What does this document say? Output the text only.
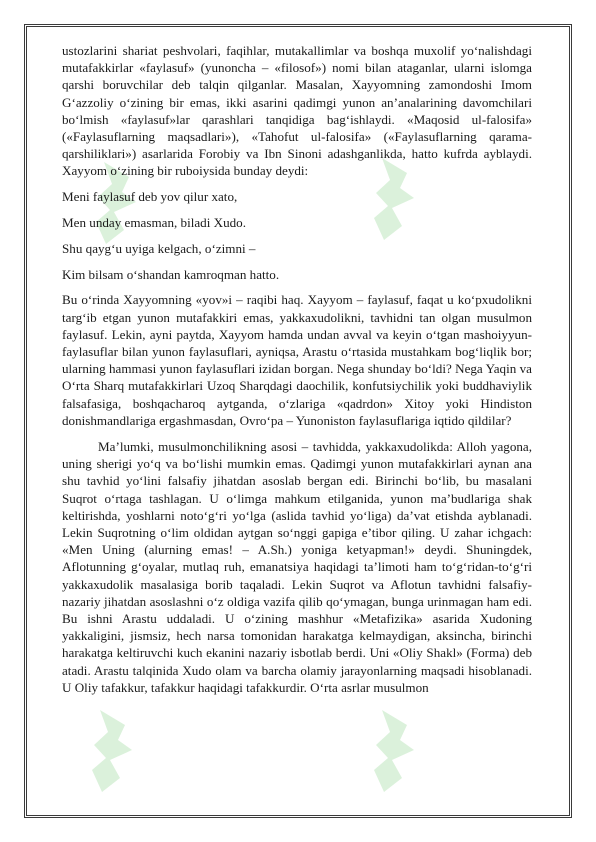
ustozlarini shariat peshvolari, faqihlar, mutakallimlar va boshqa muxolif yo‘nalishdagi mutafakkirlar «faylasuf» (yunoncha – «filosof») nomi bilan ataganlar, ularni islomga qarshi boruvchilar deb talqin qilganlar. Masalan, Xayyomning zamondoshi Imom G‘azzoliy o‘zining bir emas, ikki asarini qadimgi yunon an’analarining davomchilari bo‘lmish «faylasuf»lar qarashlari tanqidiga bag‘ishlaydi. «Maqosid ul-falosifa» («Faylasuflarning maqsadlari»), «Tahofut ul-falosifa» («Faylasuflarning qarama-qarshiliklari») asarlarida Forobiy va Ibn Sinoni adashganlikda, hatto kufrda ayblaydi. Xayyom o‘zining bir ruboiysida bunday deydi:

Meni faylasuf deb yov qilur xato,

Men unday emasman, biladi Xudo.

Shu qayg‘u uyiga kelgach, o‘zimni –

Kim bilsam o‘shandan kamroqman hatto.

Bu o‘rinda Xayyomning «yov»i – raqibi haq. Xayyom – faylasuf, faqat u ko‘pxudolikni targ‘ib etgan yunon mutafakkiri emas, yakkaxudolikni, tavhidni tan olgan musulmon faylasuf. Lekin, ayni paytda, Xayyom hamda undan avval va keyin o‘tgan mashoiyyun-faylasuflar bilan yunon faylasuflari, ayniqsa, Arastu o‘rtasida mustahkam bog‘liqlik bor; ularning hammasi yunon faylasuflari izidan borgan. Nega shunday bo‘ldi? Nega Yaqin va O‘rta Sharq mutafakkirlari Uzoq Sharqdagi daochilik, konfutsiychilik yoki buddhaviylik falsafasiga, boshqacharoq aytganda, o‘zlariga «qadrdon» Xitoy yoki Hindiston donishmandlariga ergashmasdan, Ovro‘pa – Yunoniston faylasuflariga iqtido qildilar?

Ma’lumki, musulmonchilikning asosi – tavhidda, yakkaxudolikda: Alloh yagona, uning sherigi yo‘q va bo‘lishi mumkin emas. Qadimgi yunon mutafakkirlari aynan ana shu tavhid yo‘lini falsafiy jihatdan asoslab bergan edi. Birinchi bo‘lib, bu masalani Suqrot o‘rtaga tashlagan. U o‘limga mahkum etilganida, yunon ma’budlariga shak keltirishda, yoshlarni noto‘g‘ri yo‘lga (aslida tavhid yo‘liga) da’vat etishda ayblanadi. Lekin Suqrotning o‘lim oldidan aytgan so‘nggi gapiga e’tibor qiling. U zahar ichgach: «Men Uning (alurning emas! – A.Sh.) yoniga ketyapman!» deydi. Shuningdek, Aflotunning g‘oyalar, mutlaq ruh, emanatsiya haqidagi ta’limoti ham to‘g‘ridan-to‘g‘ri yakkaxudolik masalasiga borib taqaladi. Lekin Suqrot va Aflotun tavhidni falsafiy-nazariy jihatdan asoslashni o‘z oldiga vazifa qilib qo‘ymagan, bunga urinmagan ham edi. Bu ishni Arastu uddaladi. U o‘zining mashhur «Metafizika» asarida Xudoning yakkaligini, jismsiz, hech narsa tomonidan harakatga kelmaydigan, aksincha, birinchi harakatga keltiruvchi kuch ekanini nazariy isbotlab berdi. Uni «Oliy Shakl» (Forma) deb atadi. Arastu talqinida Xudo olam va barcha olamiy jarayonlarning maqsadi hisoblanadi. U Oliy tafakkur, tafakkur haqidagi tafakkurdir. O‘rta asrlar musulmon
